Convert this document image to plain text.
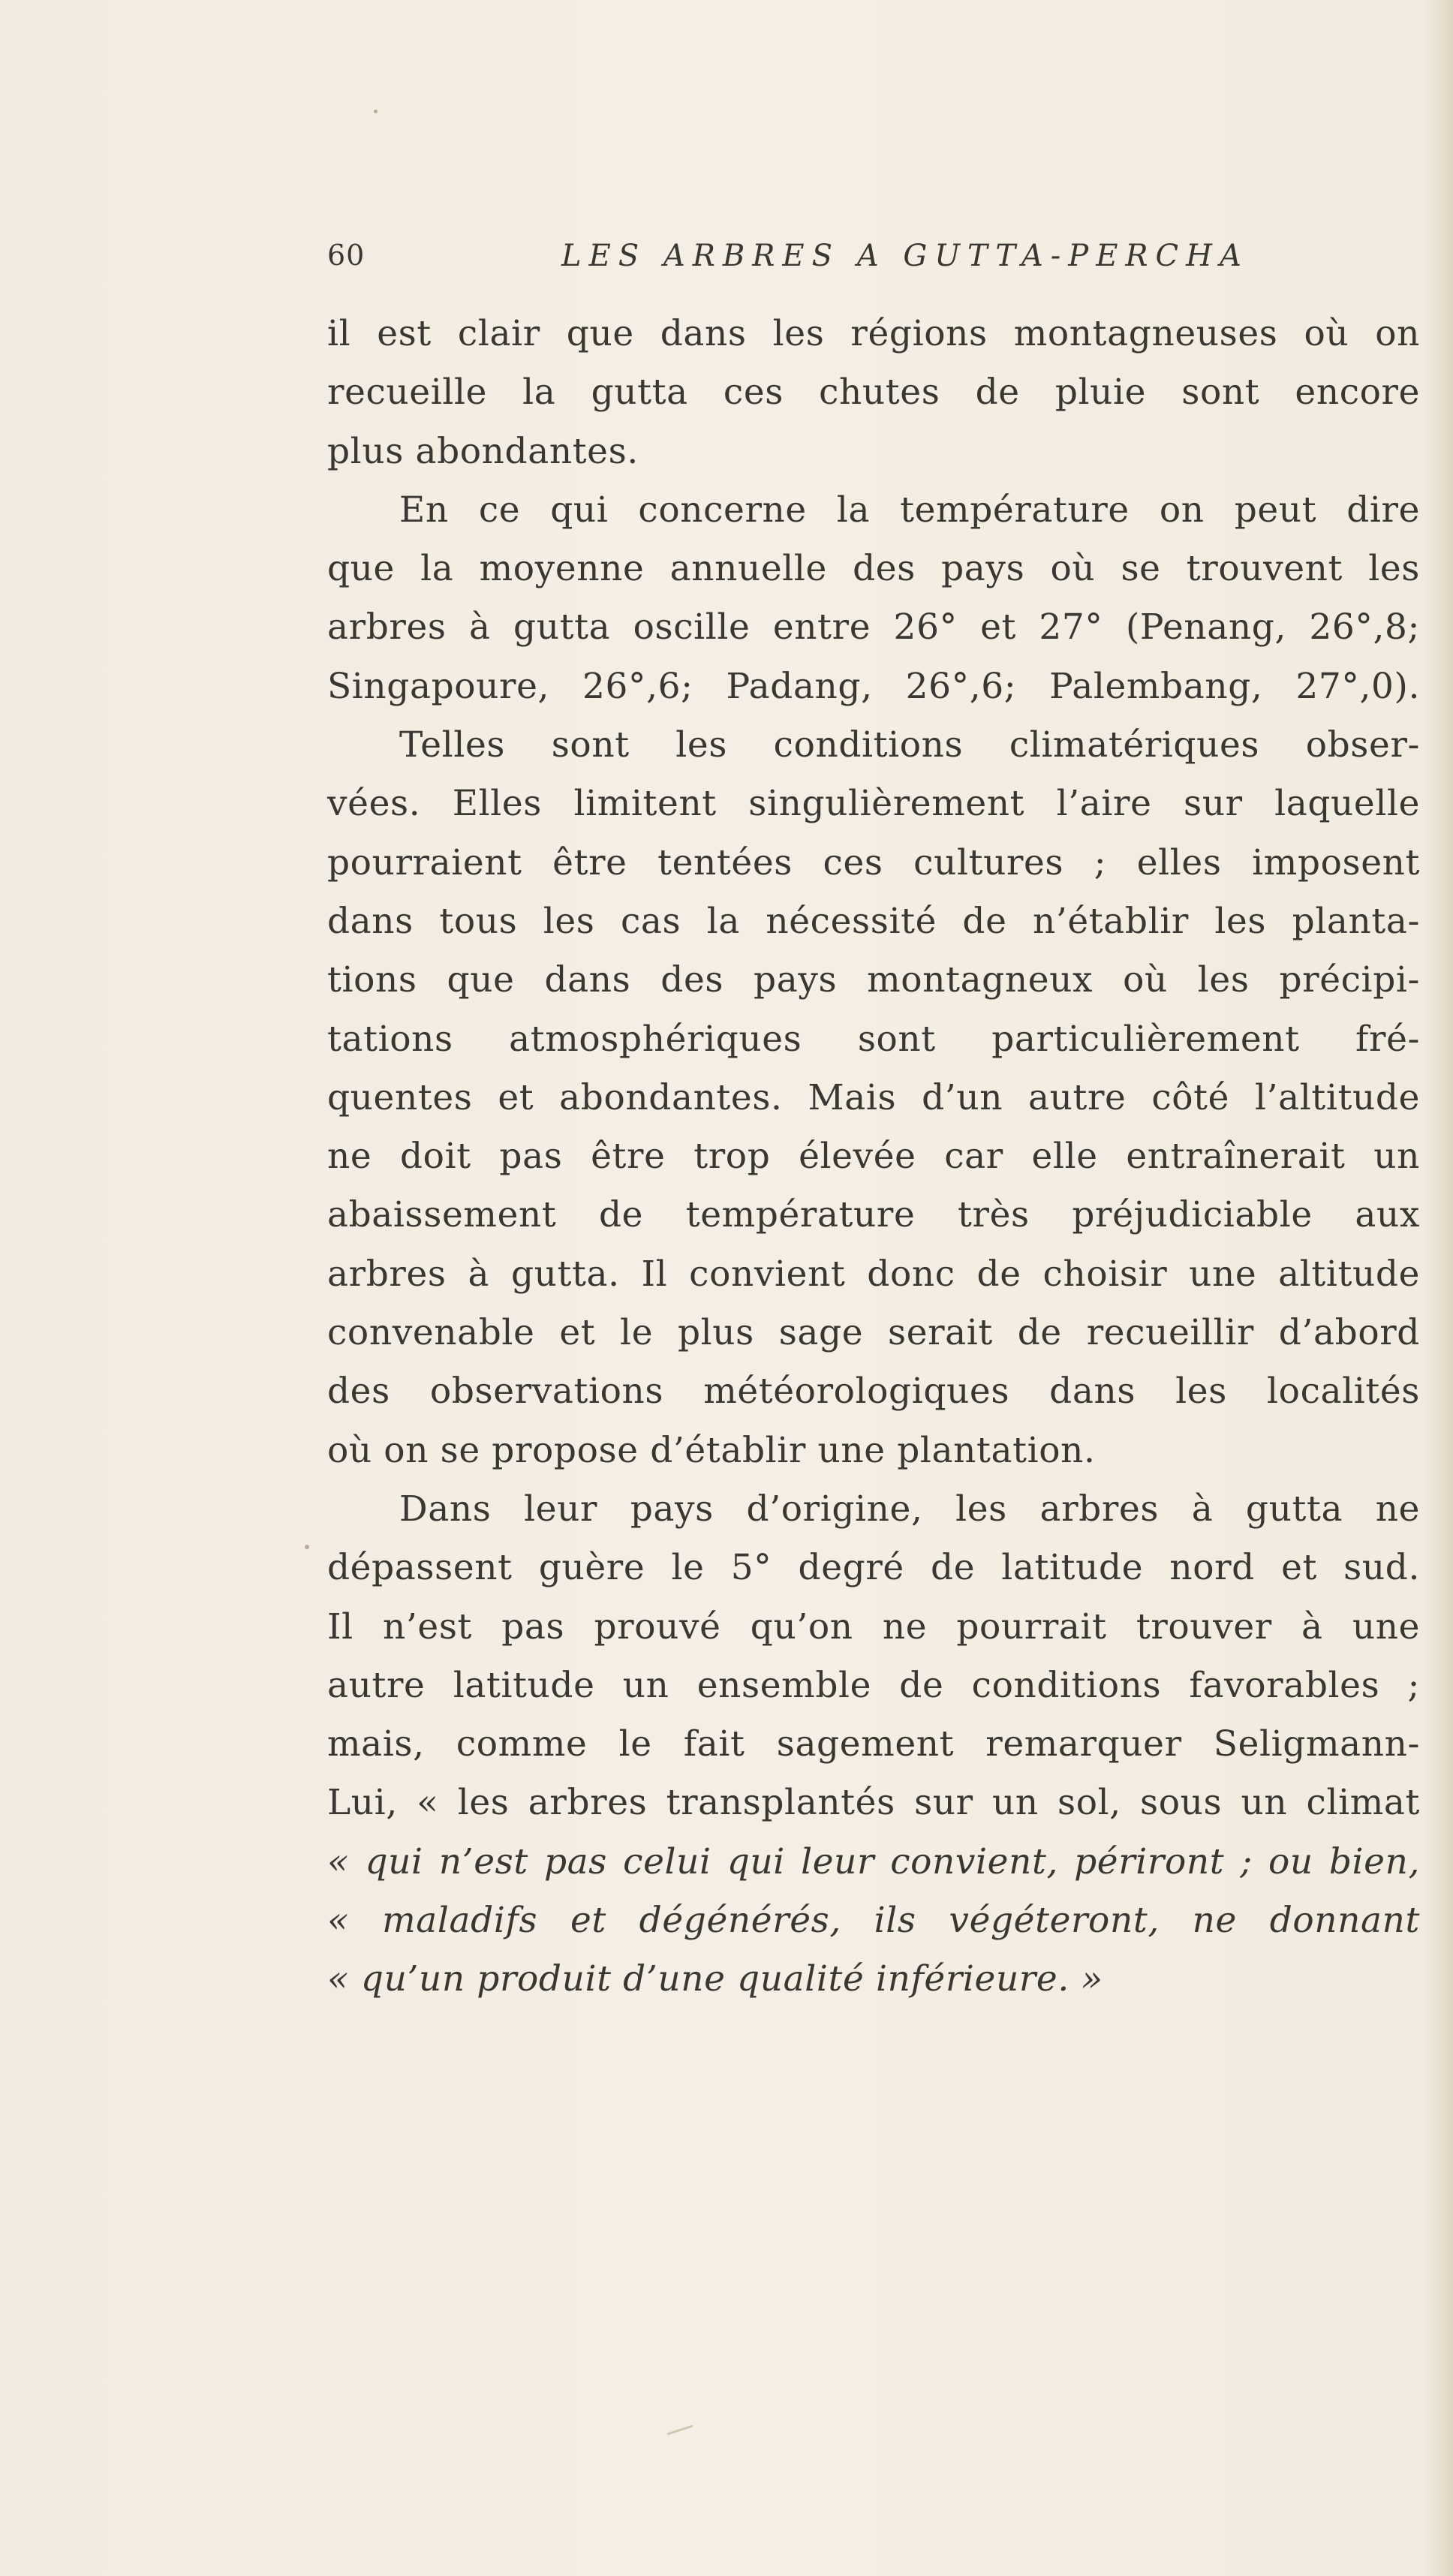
60	LES ARBRES A GUTTA-PERCHA
il est clair que dans les régions montagneuses où on
recueille la gutta ces chutes de pluie sont encore
plus abondantes.
En ce qui concerne la température on peut dire
que la moyenne annuelle des pays où se trouvent les
arbres à gutta oscille entre 26° et 27° (Penang, 26°,8;
Singapoure, 26°,6; Padang, 26°,6; Palembang, 27°,0).
Telles sont les conditions climatériques obser-
vées. Elles limitent singulièrement l’aire sur laquelle
pourraient être tentées ces cultures ; elles imposent
dans tous les cas la nécessité de n’établir les planta-
tions que dans des pays montagneux où les précipi-
tations atmosphériques sont particulièrement fré-
quentes et abondantes. Mais d’un autre côté l’altitude
ne doit pas être trop élevée car elle entraînerait un
abaissement de température très préjudiciable aux
arbres à gutta. Il convient donc de choisir une altitude
convenable et le plus sage serait de recueillir d’abord
des observations météorologiques dans les localités
où on se propose d’établir une plantation.
Dans leur pays d’origine, les arbres à gutta ne
dépassent guère le 5° degré de latitude nord et sud.
Il n’est pas prouvé qu’on ne pourrait trouver à une
autre latitude un ensemble de conditions favorables ;
mais, comme le fait sagement remarquer Seligmann-
Lui, « les arbres transplantés sur un sol, sous un climat
« qui n’est pas celui qui leur convient, périront ; ou bien,
« maladifs et dégénérés, ils végéteront, ne donnant
« qu’un produit d’une qualité inférieure. »
